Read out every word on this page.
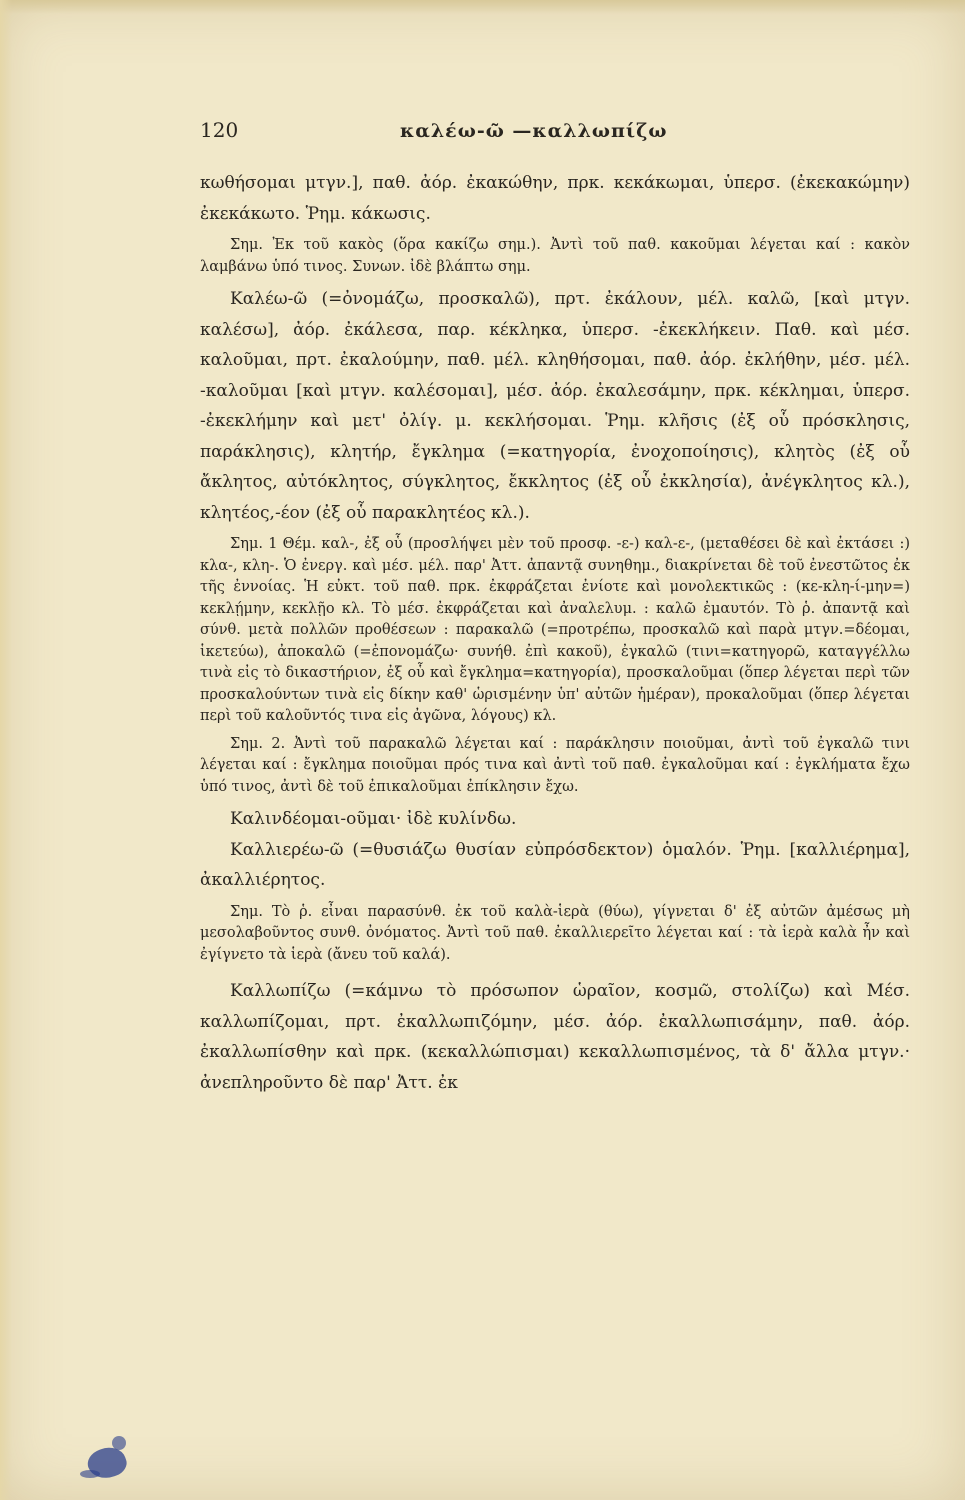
120	καλέω-ῶ —καλλωπίζω

κωθήσομαι μτγν.], παθ. ἀόρ. ἐκακώθην, πρκ. κεκάκωμαι, ὑπερσ. (ἐκεκακώμην) ἐκεκάκωτο. Ῥημ. κάκωσις.

Σημ. Ἐκ τοῦ κακὸς (ὅρα κακίζω σημ.). Ἀντὶ τοῦ παθ. κακοῦμαι λέγεται καί : κακὸν λαμβάνω ὑπό τινος. Συνων. ἰδὲ βλάπτω σημ.

Καλέω-ῶ (=ὀνομάζω, προσκαλῶ), πρτ. ἐκάλουν, μέλ. καλῶ, [καὶ μτγν. καλέσω], ἀόρ. ἐκάλεσα, παρ. κέκληκα, ὑπερσ. -ἐκεκλήκειν. Παθ. καὶ μέσ. καλοῦμαι, πρτ. ἐκαλούμην, παθ. μέλ. κληθήσομαι, παθ. ἀόρ. ἐκλήθην, μέσ. μέλ. -καλοῦμαι [καὶ μτγν. καλέσομαι], μέσ. ἀόρ. ἐκαλεσάμην, πρκ. κέκλημαι, ὑπερσ. -ἐκεκλήμην καὶ μετ' ὀλίγ. μ. κεκλήσομαι. Ῥημ. κλῆσις (ἐξ οὗ πρόσκλησις, παράκλησις), κλητήρ, ἔγκλημα (=κατηγορία, ἐνοχοποίησις), κλητὸς (ἐξ οὗ ἄκλητος, αὐτόκλητος, σύγκλητος, ἔκκλητος (ἐξ οὗ ἐκκλησία), ἀνέγκλητος κλ.), κλητέος,-έον (ἐξ οὗ παρακλητέος κλ.).

Σημ. 1 Θέμ. καλ-, ἐξ οὗ (προσλήψει μὲν τοῦ προσφ. -ε-) καλ-ε-, (μεταθέσει δὲ καὶ ἐκτάσει :) κλα-, κλη-. Ὁ ἐνεργ. καὶ μέσ. μέλ. παρ' Ἀττ. ἀπαντᾷ συνηθημ., διακρίνεται δὲ τοῦ ἐνεστῶτος ἐκ τῆς ἐννοίας. Ἡ εὐκτ. τοῦ παθ. πρκ. ἐκφράζεται ἐνίοτε καὶ μονολεκτικῶς : (κε-κλη-ί-μην=) κεκλῄμην, κεκλῇο κλ. Τὸ μέσ. ἐκφράζεται καὶ ἀναλελυμ. : καλῶ ἐμαυτόν. Τὸ ῥ. ἀπαντᾷ καὶ σύνθ. μετὰ πολλῶν προθέσεων : παρακαλῶ (=προτρέπω, προσκαλῶ καὶ παρὰ μτγν.=δέομαι, ἱκετεύω), ἀποκαλῶ (=ἐπονομάζω· συνήθ. ἐπὶ κακοῦ), ἐγκαλῶ (τινι=κατηγορῶ, καταγγέλλω τινὰ εἰς τὸ δικαστήριον, ἐξ οὗ καὶ ἔγκλημα=κατηγορία), προσκαλοῦμαι (ὅπερ λέγεται περὶ τῶν προσκαλούντων τινὰ εἰς δίκην καθ' ὡρισμένην ὑπ' αὐτῶν ἡμέραν), προκαλοῦμαι (ὅπερ λέγεται περὶ τοῦ καλοῦντός τινα εἰς ἀγῶνα, λόγους) κλ.

Σημ. 2. Ἀντὶ τοῦ παρακαλῶ λέγεται καί : παράκλησιν ποιοῦμαι, ἀντὶ τοῦ ἐγκαλῶ τινι λέγεται καί : ἔγκλημα ποιοῦμαι πρός τινα καὶ ἀντὶ τοῦ παθ. ἐγκαλοῦμαι καί : ἐγκλήματα ἔχω ὑπό τινος, ἀντὶ δὲ τοῦ ἐπικαλοῦμαι ἐπίκλησιν ἔχω.

Καλινδέομαι-οῦμαι· ἰδὲ κυλίνδω.

Καλλιερέω-ῶ (=θυσιάζω θυσίαν εὐπρόσδεκτον) ὁμαλόν. Ῥημ. [καλλιέρημα], ἀκαλλιέρητος.

Σημ. Τὸ ῥ. εἶναι παρασύνθ. ἐκ τοῦ καλὰ-ἱερὰ (θύω), γίγνεται δ' ἐξ αὐτῶν ἀμέσως μὴ μεσολαβοῦντος συνθ. ὀνόματος. Ἀντὶ τοῦ παθ. ἐκαλλιερεῖτο λέγεται καί : τὰ ἱερὰ καλὰ ἦν καὶ ἐγίγνετο τὰ ἱερὰ (ἄνευ τοῦ καλά).

Καλλωπίζω (=κάμνω τὸ πρόσωπον ὡραῖον, κοσμῶ, στολίζω) καὶ Μέσ. καλλωπίζομαι, πρτ. ἐκαλλωπιζόμην, μέσ. ἀόρ. ἐκαλλωπισάμην, παθ. ἀόρ. ἐκαλλωπίσθην καὶ πρκ. (κεκαλλώπισμαι) κεκαλλωπισμένος, τὰ δ' ἄλλα μτγν.· ἀνεπληροῦντο δὲ παρ' Ἀττ. ἐκ
